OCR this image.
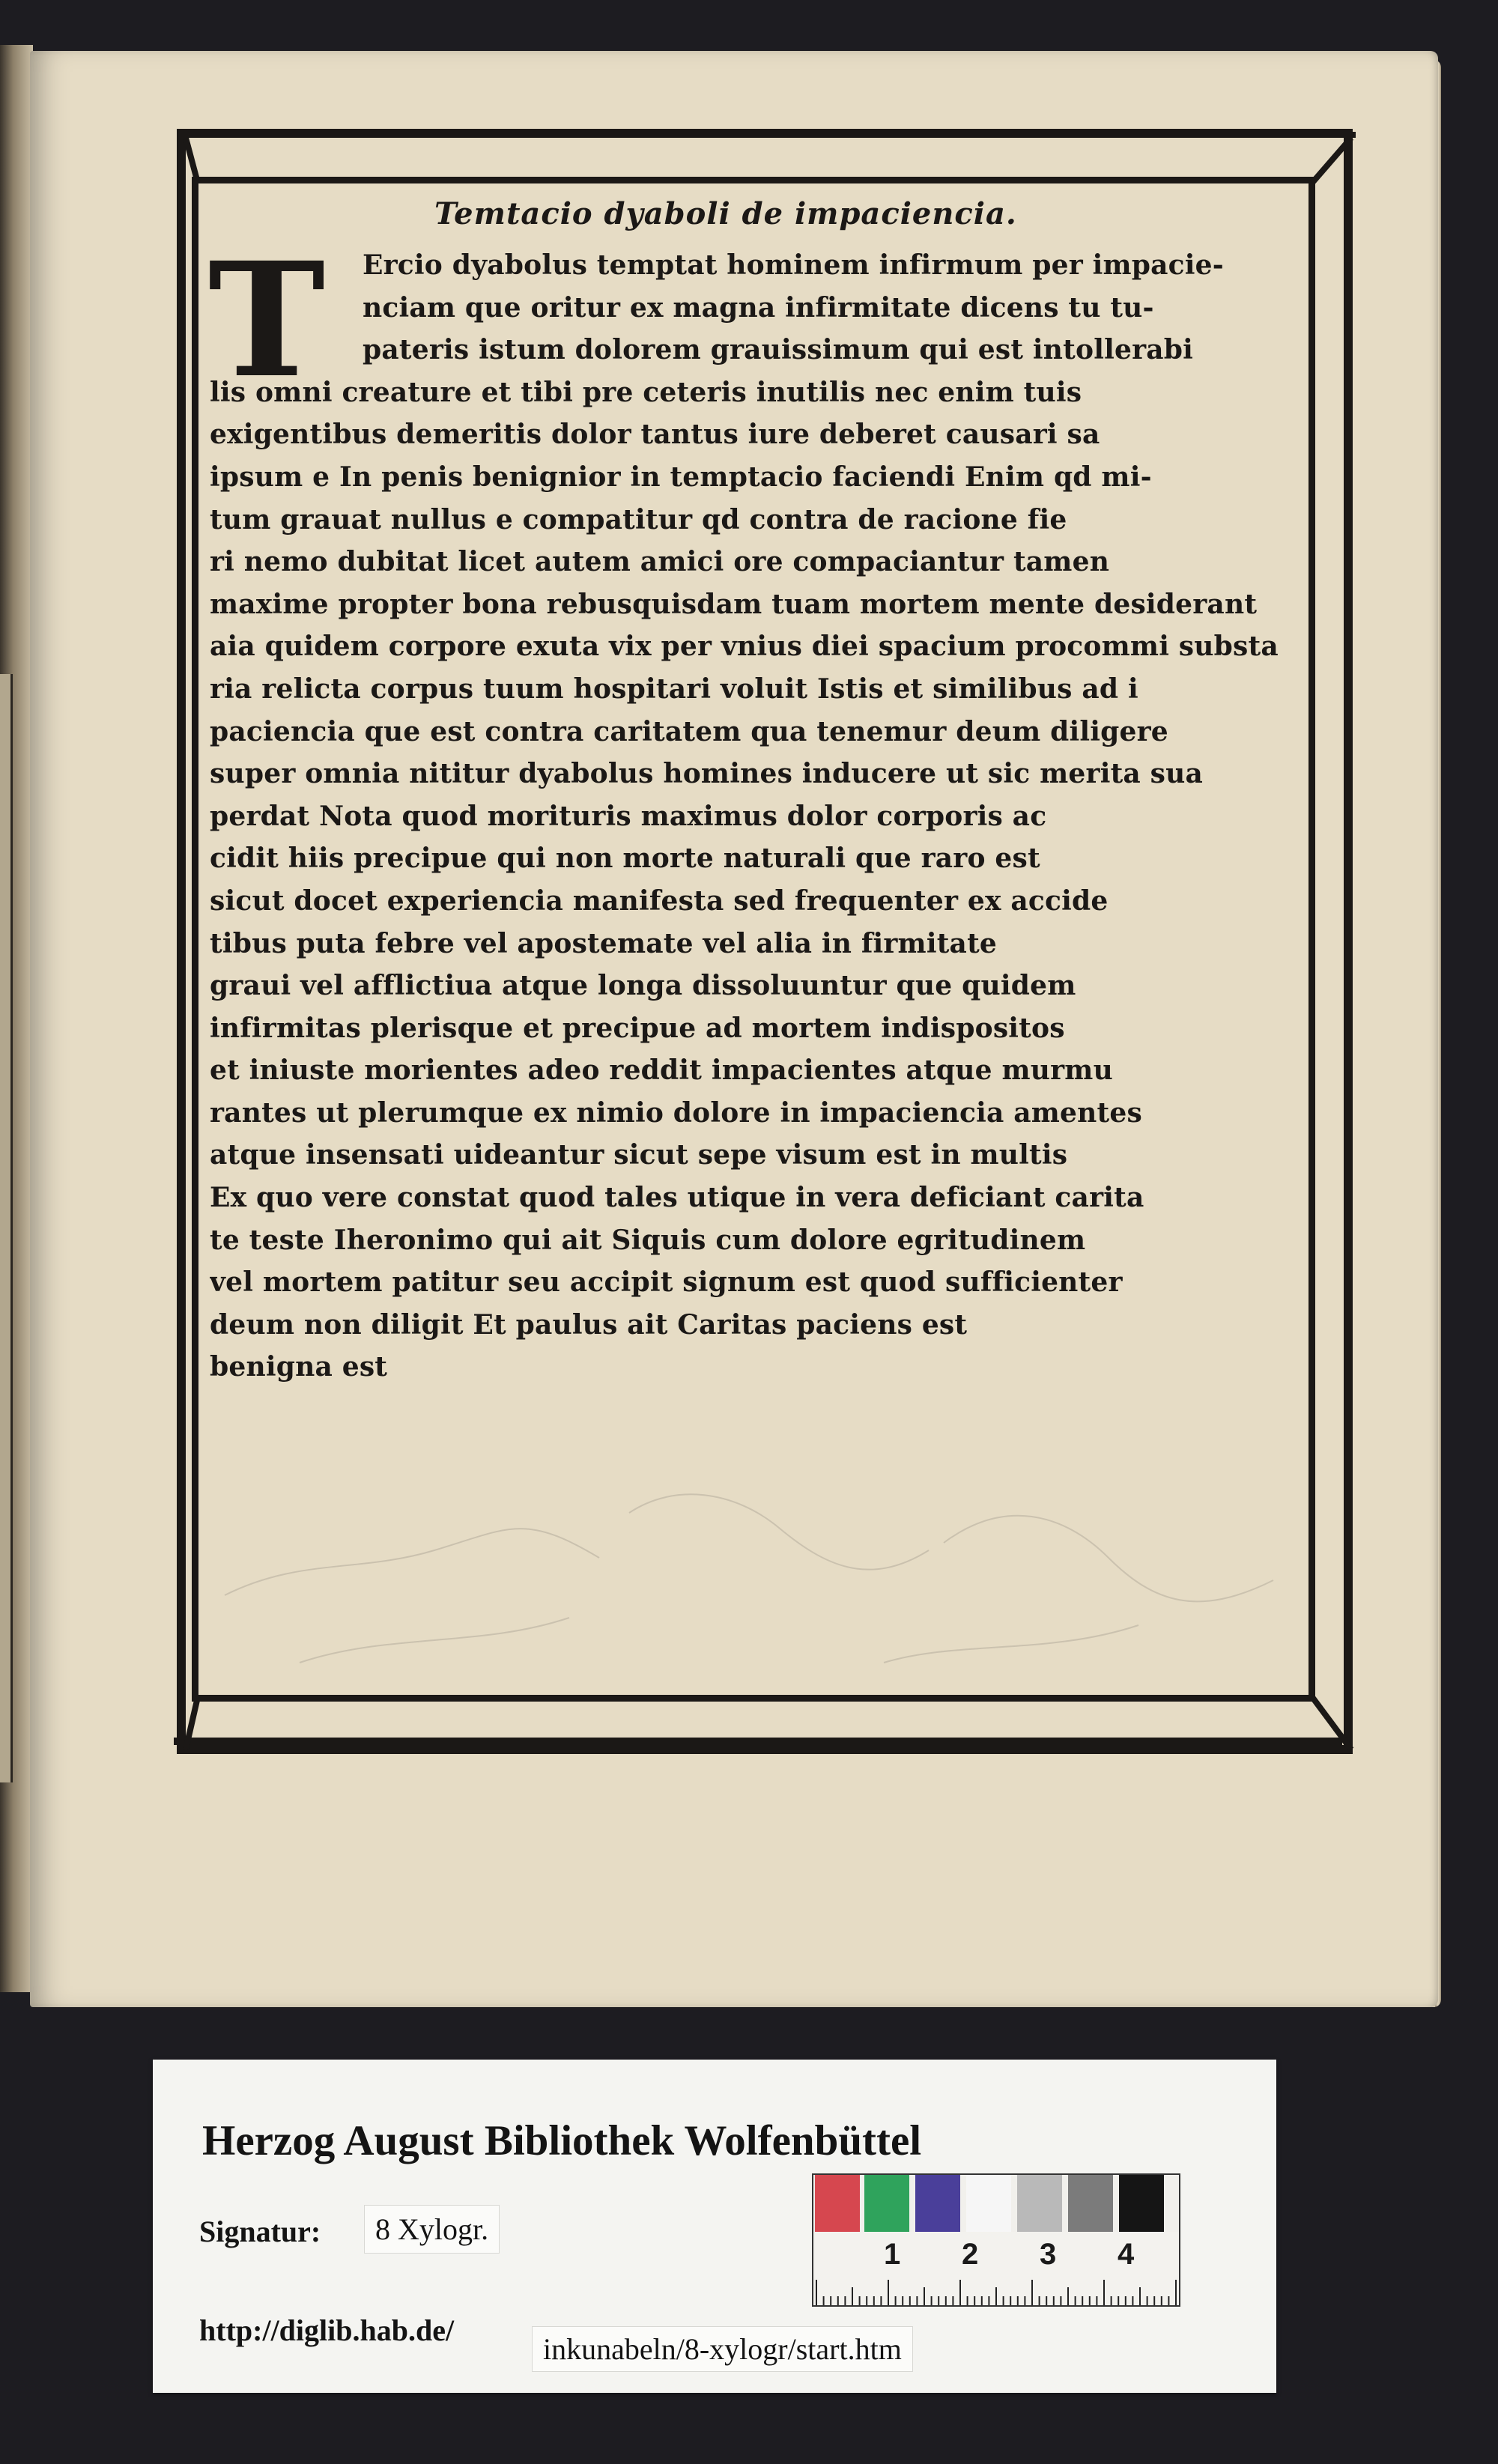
Temtacio dyaboli de impaciencia.
T	Ercio dyabolus temptat hominem infirmum per impacie-
nciam que oritur ex magna infirmitate dicens tu tu-
pateris istum dolorem grauissimum qui est intollerabi
lis omni creature et tibi pre ceteris inutilis nec enim tuis
exigentibus demeritis dolor tantus iure deberet causari sa
ipsum e In penis benignior in temptacio faciendi Enim qd mi-
tum grauat nullus e compatitur qd contra de racione fie
ri nemo dubitat licet autem amici ore compaciantur tamen
maxime propter bona rebusquisdam tuam mortem mente desiderant
aia quidem corpore exuta vix per vnius diei spacium procommi substa
ria relicta corpus tuum hospitari voluit Istis et similibus ad i
paciencia que est contra caritatem qua tenemur deum diligere
super omnia nititur dyabolus homines inducere ut sic merita sua
perdat Nota quod morituris maximus dolor corporis ac
cidit hiis precipue qui non morte naturali que raro est
sicut docet experiencia manifesta sed frequenter ex accide
tibus puta febre vel apostemate vel alia in firmitate
graui vel afflictiua atque longa dissoluuntur que quidem
infirmitas plerisque et precipue ad mortem indispositos
et iniuste morientes adeo reddit impacientes atque murmu
rantes ut plerumque ex nimio dolore in impaciencia amentes
atque insensati uideantur sicut sepe visum est in multis
Ex quo vere constat quod tales utique in vera deficiant carita
te teste Iheronimo qui ait Siquis cum dolore egritudinem
vel mortem patitur seu accipit signum est quod sufficienter
deum non diligit Et paulus ait Caritas paciens est
benigna est
Herzog August Bibliothek Wolfenbüttel
Signatur:	8 Xylogr.
http://diglib.hab.de/
inkunabeln/8-xylogr/start.htm
1 2 3 4
